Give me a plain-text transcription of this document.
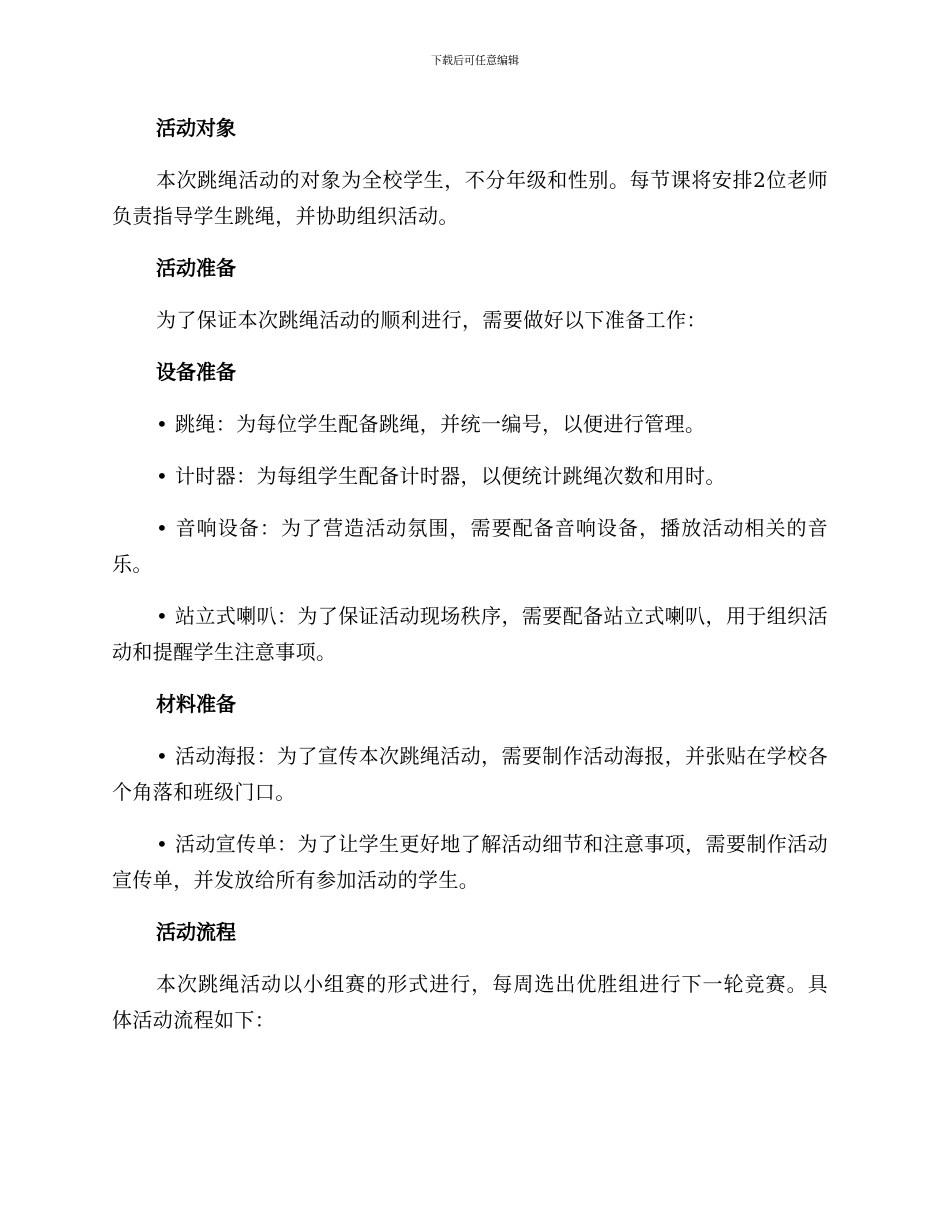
下载后可任意编辑
活动对象

本次跳绳活动的对象为全校学生，不分年级和性别。每节课将安排2位老师负责指导学生跳绳，并协助组织活动。

活动准备

为了保证本次跳绳活动的顺利进行，需要做好以下准备工作：

设备准备

• 跳绳：为每位学生配备跳绳，并统一编号，以便进行管理。

• 计时器：为每组学生配备计时器，以便统计跳绳次数和用时。

• 音响设备：为了营造活动氛围，需要配备音响设备，播放活动相关的音乐。

• 站立式喇叭：为了保证活动现场秩序，需要配备站立式喇叭，用于组织活动和提醒学生注意事项。

材料准备

• 活动海报：为了宣传本次跳绳活动，需要制作活动海报，并张贴在学校各个角落和班级门口。

• 活动宣传单：为了让学生更好地了解活动细节和注意事项，需要制作活动宣传单，并发放给所有参加活动的学生。

活动流程

本次跳绳活动以小组赛的形式进行，每周选出优胜组进行下一轮竞赛。具体活动流程如下：
